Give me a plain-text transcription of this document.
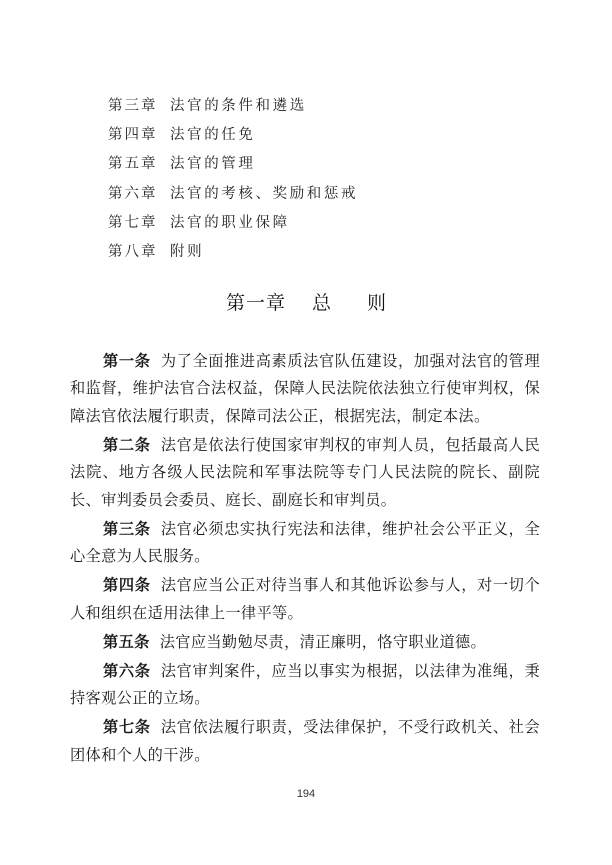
第三章 法官的条件和遴选
第四章 法官的任免
第五章 法官的管理
第六章 法官的考核、奖励和惩戒
第七章 法官的职业保障
第八章 附则
第一章 总 则

第一条 为了全面推进高素质法官队伍建设，加强对法官的管理和监督，维护法官合法权益，保障人民法院依法独立行使审判权，保障法官依法履行职责，保障司法公正，根据宪法，制定本法。

第二条 法官是依法行使国家审判权的审判人员，包括最高人民法院、地方各级人民法院和军事法院等专门人民法院的院长、副院长、审判委员会委员、庭长、副庭长和审判员。

第三条 法官必须忠实执行宪法和法律，维护社会公平正义，全心全意为人民服务。

第四条 法官应当公正对待当事人和其他诉讼参与人，对一切个人和组织在适用法律上一律平等。

第五条 法官应当勤勉尽责，清正廉明，恪守职业道德。

第六条 法官审判案件，应当以事实为根据，以法律为准绳，秉持客观公正的立场。

第七条 法官依法履行职责，受法律保护，不受行政机关、社会团体和个人的干涉。

194
